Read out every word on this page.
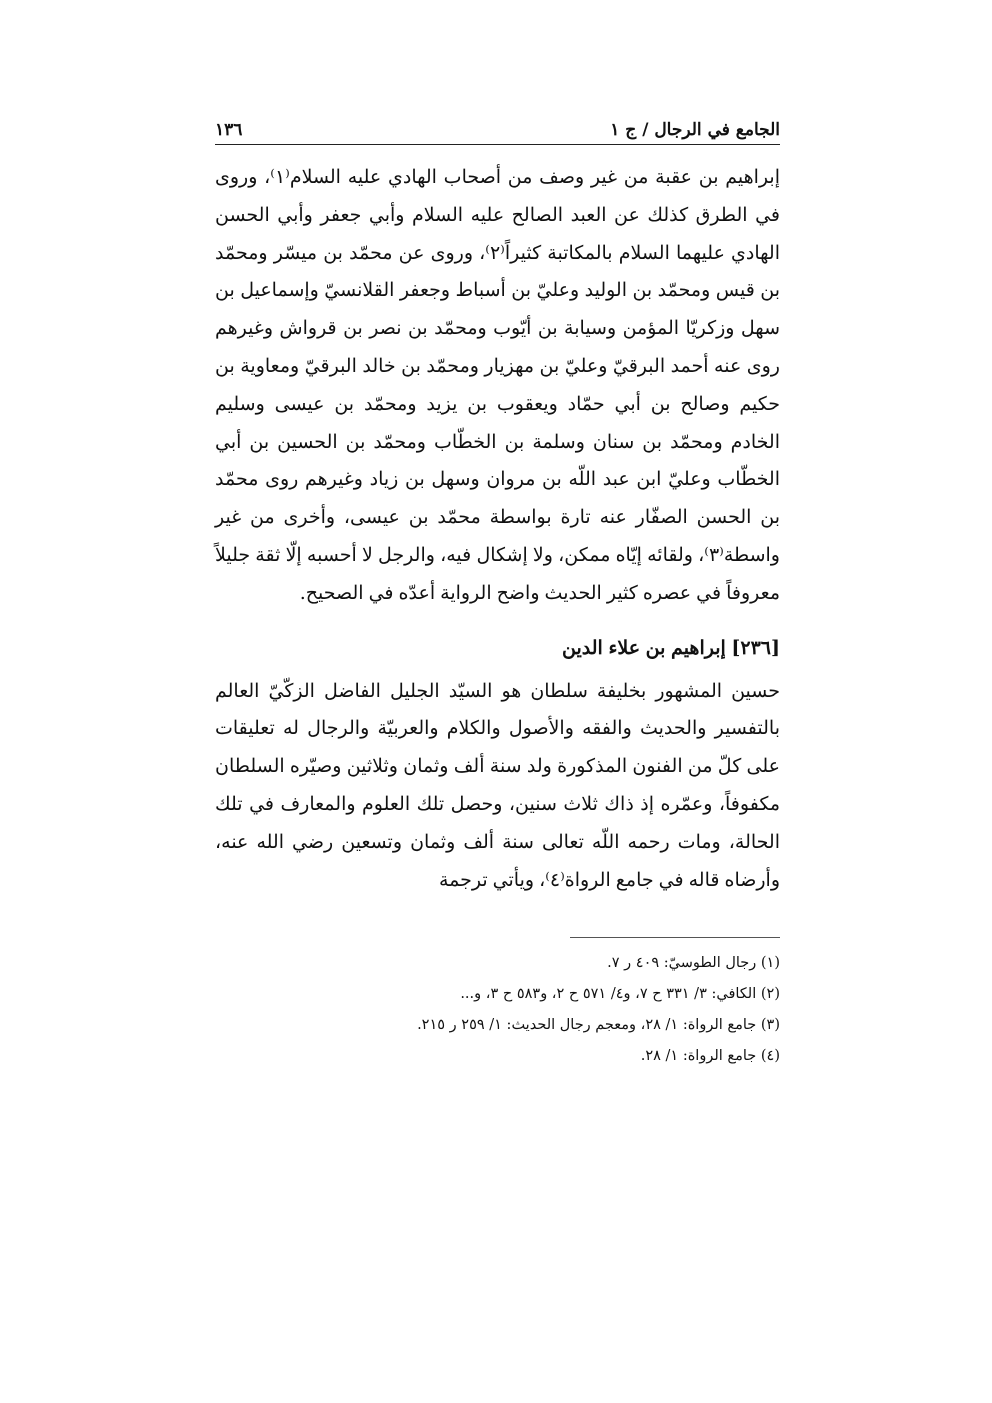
١٣٦	الجامع في الرجال / ج ١

إبراهيم بن عقبة من غير وصف من أصحاب الهادي عليه السلام⁽١⁾، وروى في الطرق كذلك عن العبد الصالح عليه السلام وأبي جعفر وأبي الحسن الهادي عليهما السلام بالمكاتبة كثيراً⁽٢⁾، وروى عن محمّد بن ميسّر ومحمّد بن قيس ومحمّد بن الوليد وعليّ بن أسباط وجعفر القلانسيّ وإسماعيل بن سهل وزكريّا المؤمن وسيابة بن أيّوب ومحمّد بن نصر بن قرواش وغيرهم روى عنه أحمد البرقيّ وعليّ بن مهزيار ومحمّد بن خالد البرقيّ ومعاوية بن حكيم وصالح بن أبي حمّاد ويعقوب بن يزيد ومحمّد بن عيسى وسليم الخادم ومحمّد بن سنان وسلمة بن الخطّاب ومحمّد بن الحسين بن أبي الخطّاب وعليّ ابن عبد اللّه بن مروان وسهل بن زياد وغيرهم روى محمّد بن الحسن الصفّار عنه تارة بواسطة محمّد بن عيسى، وأخرى من غير واسطة⁽٣⁾، ولقائه إيّاه ممكن، ولا إشكال فيه، والرجل لا أحسبه إلّا ثقة جليلاً معروفاً في عصره كثير الحديث واضح الرواية أعدّه في الصحيح.

[٢٣٦] إبراهيم بن علاء الدين

حسين المشهور بخليفة سلطان هو السيّد الجليل الفاضل الزكّيّ العالم بالتفسير والحديث والفقه والأصول والكلام والعربيّة والرجال له تعليقات على كلّ من الفنون المذكورة ولد سنة ألف وثمان وثلاثين وصيّره السلطان مكفوفاً، وعمّره إذ ذاك ثلاث سنين، وحصل تلك العلوم والمعارف في تلك الحالة، ومات رحمه اللّه تعالى سنة ألف وثمان وتسعين رضي الله عنه، وأرضاه قاله في جامع الرواة⁽٤⁾، ويأتي ترجمة

(١) رجال الطوسيّ: ٤٠٩ ر ٧.

(٢) الكافي: ٣/ ٣٣١ ح ٧، و٤/ ٥٧١ ح ٢، و٥٨٣ ح ٣، و...

(٣) جامع الرواة: ١/ ٢٨، ومعجم رجال الحديث: ١/ ٢٥٩ ر ٢١٥.

(٤) جامع الرواة: ١/ ٢٨.
